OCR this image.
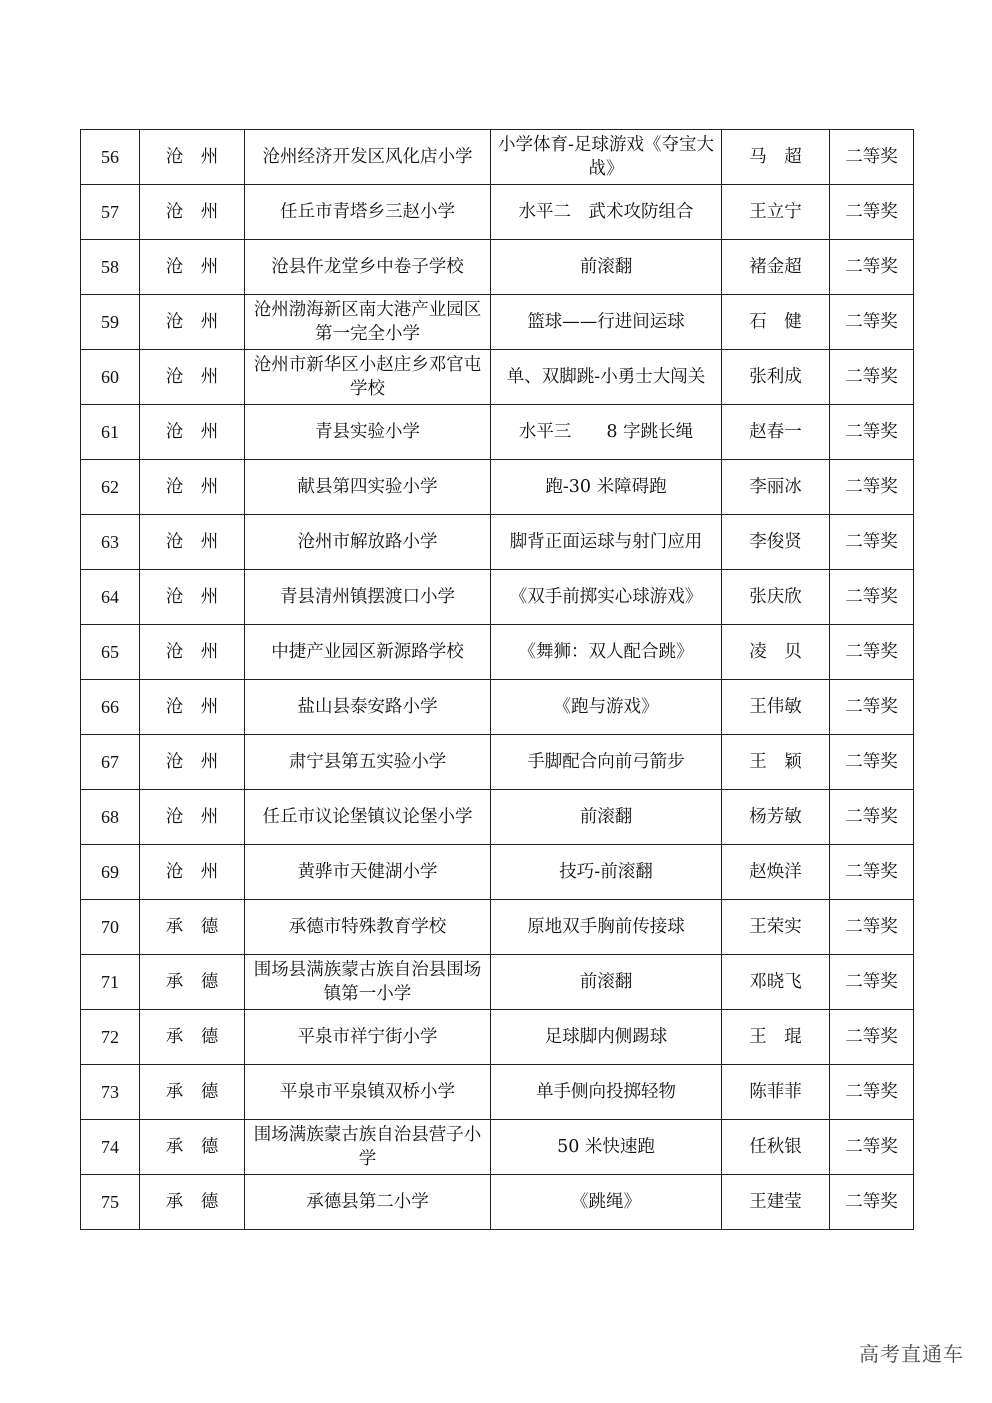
56	沧　州	沧州经济开发区风化店小学	小学体育-足球游戏《夺宝大战》	马　超	二等奖
57	沧　州	任丘市青塔乡三赵小学	水平二　武术攻防组合	王立宁	二等奖
58	沧　州	沧县仵龙堂乡中卷子学校	前滚翻	褚金超	二等奖
59	沧　州	沧州渤海新区南大港产业园区第一完全小学	篮球——行进间运球	石　健	二等奖
60	沧　州	沧州市新华区小赵庄乡邓官屯学校	单、双脚跳-小勇士大闯关	张利成	二等奖
61	沧　州	青县实验小学	水平三　　8 字跳长绳	赵春一	二等奖
62	沧　州	献县第四实验小学	跑-30 米障碍跑	李丽冰	二等奖
63	沧　州	沧州市解放路小学	脚背正面运球与射门应用	李俊贤	二等奖
64	沧　州	青县清州镇摆渡口小学	《双手前掷实心球游戏》	张庆欣	二等奖
65	沧　州	中捷产业园区新源路学校	《舞狮：双人配合跳》	凌　贝	二等奖
66	沧　州	盐山县泰安路小学	《跑与游戏》	王伟敏	二等奖
67	沧　州	肃宁县第五实验小学	手脚配合向前弓箭步	王　颖	二等奖
68	沧　州	任丘市议论堡镇议论堡小学	前滚翻	杨芳敏	二等奖
69	沧　州	黄骅市天健湖小学	技巧-前滚翻	赵焕洋	二等奖
70	承　德	承德市特殊教育学校	原地双手胸前传接球	王荣实	二等奖
71	承　德	围场县满族蒙古族自治县围场镇第一小学	前滚翻	邓晓飞	二等奖
72	承　德	平泉市祥宁街小学	足球脚内侧踢球	王　琨	二等奖
73	承　德	平泉市平泉镇双桥小学	单手侧向投掷轻物	陈菲菲	二等奖
74	承　德	围场满族蒙古族自治县营子小学	50 米快速跑	任秋银	二等奖
75	承　德	承德县第二小学	《跳绳》	王建莹	二等奖
高考直通车
